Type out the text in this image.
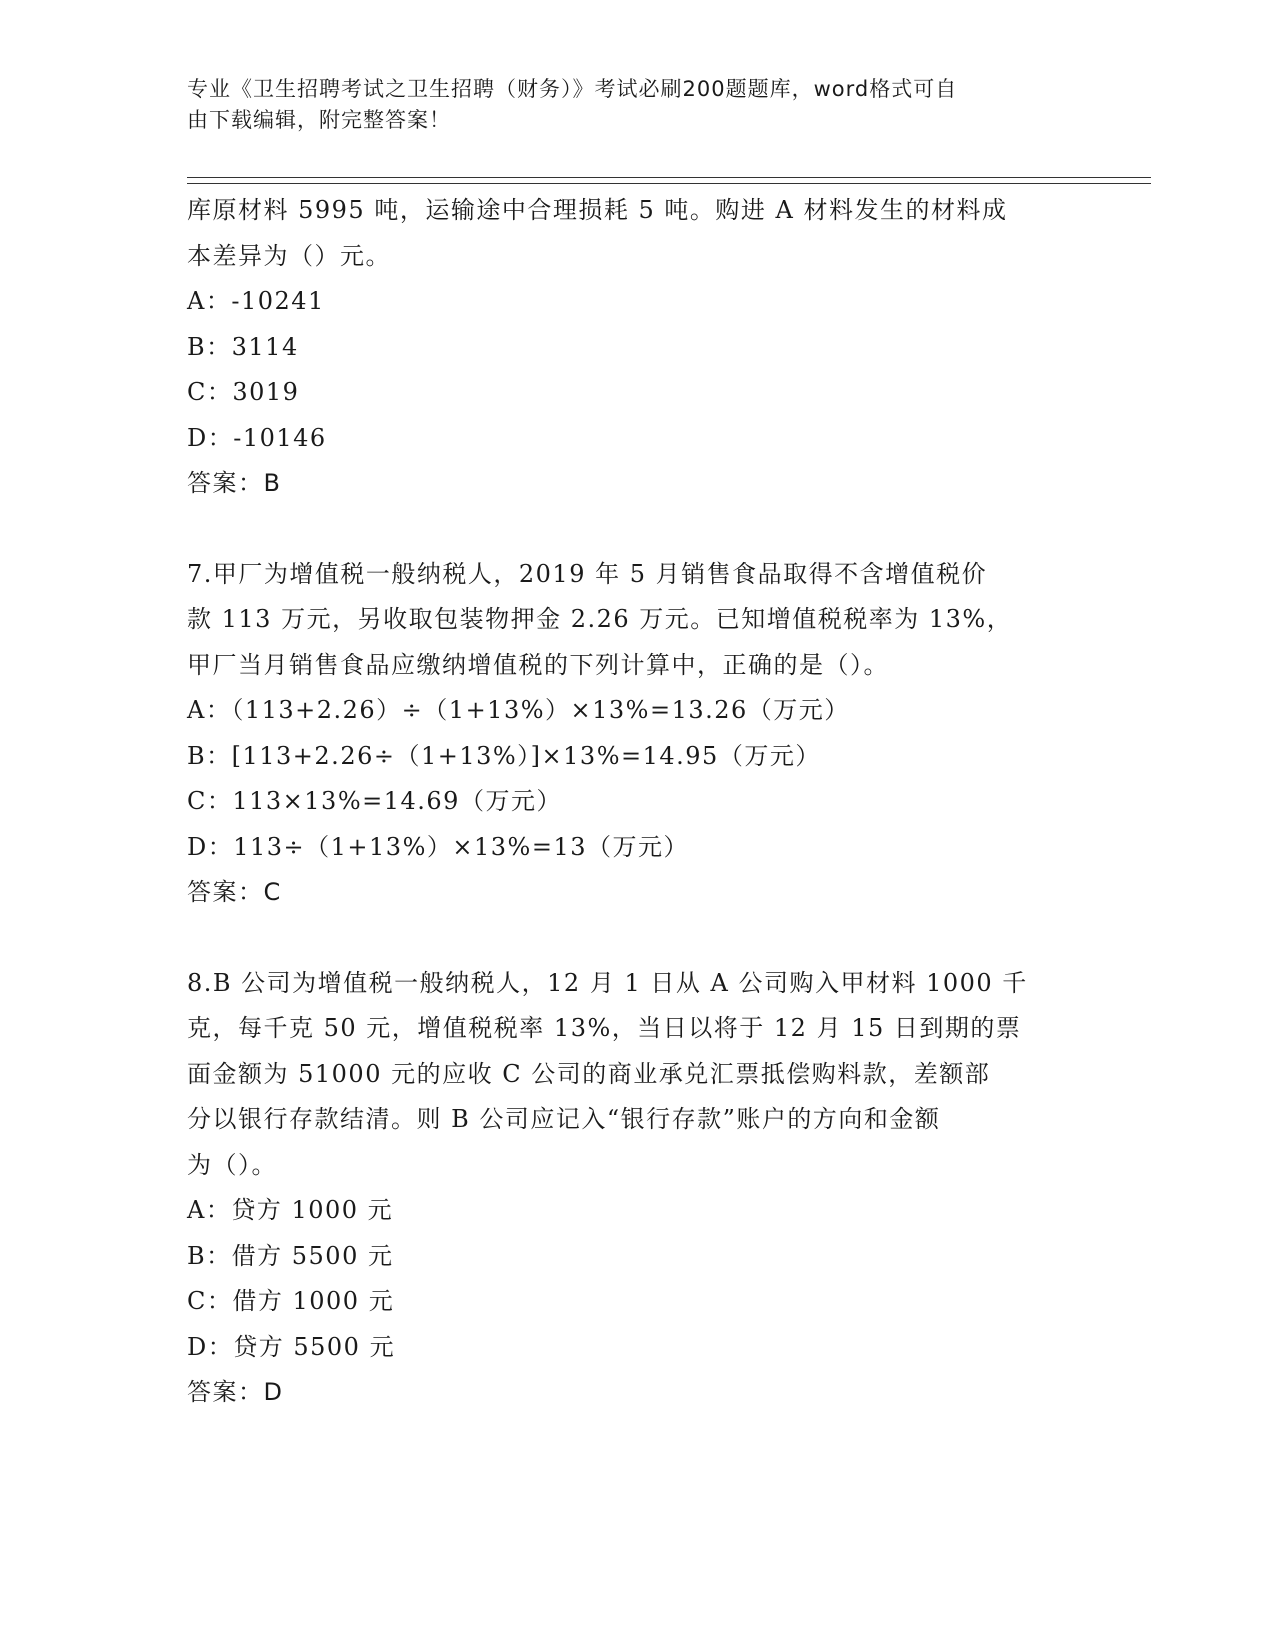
专业《卫生招聘考试之卫生招聘（财务）》考试必刷200题题库，word格式可自
由下载编辑，附完整答案！
库原材料 5995 吨，运输途中合理损耗 5 吨。购进 A 材料发生的材料成
本差异为（）元。
A：-10241
B：3114
C：3019
D：-10146
答案：B
7.甲厂为增值税一般纳税人，2019 年 5 月销售食品取得不含增值税价
款 113 万元，另收取包装物押金 2.26 万元。已知增值税税率为 13%，
甲厂当月销售食品应缴纳增值税的下列计算中，正确的是（）。
A：（113+2.26）÷（1+13%）×13%=13.26（万元）
B：[113+2.26÷（1+13%）]×13%=14.95（万元）
C：113×13%=14.69（万元）
D：113÷（1+13%）×13%=13（万元）
答案：C
8.B 公司为增值税一般纳税人，12 月 1 日从 A 公司购入甲材料 1000 千
克，每千克 50 元，增值税税率 13%，当日以将于 12 月 15 日到期的票
面金额为 51000 元的应收 C 公司的商业承兑汇票抵偿购料款，差额部
分以银行存款结清。则 B 公司应记入“银行存款”账户的方向和金额
为（）。
A：贷方 1000 元
B：借方 5500 元
C：借方 1000 元
D：贷方 5500 元
答案：D
